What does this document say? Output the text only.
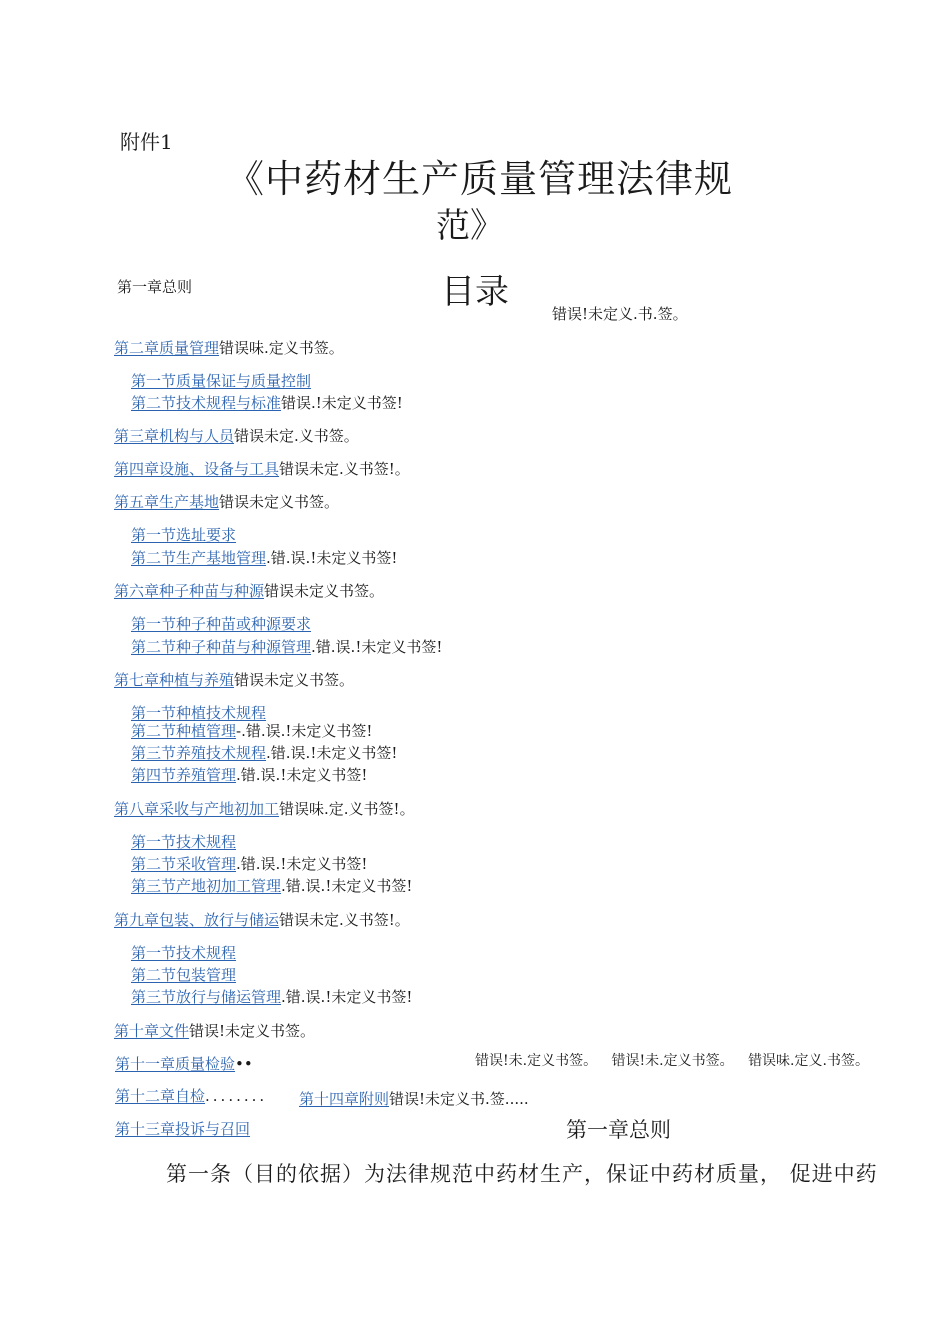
附件1
《中药材生产质量管理法律规
范》
目录
第一章总则
错误!未定义.书.签。
第二章质量管理错误味.定义书签。
第一节质量保证与质量控制
第二节技术规程与标准错误.!未定义书签!
第三章机构与人员错误未定.义书签。
第四章设施、设备与工具错误未定.义书签!。
第五章生产基地错误未定义书签。
第一节选址要求
第二节生产基地管理.错.误.!未定义书签!
第六章种子种苗与种源错误未定义书签。
第一节种子种苗或种源要求
第二节种子种苗与种源管理.错.误.!未定义书签!
第七章种植与养殖错误未定义书签。
第一节种植技术规程
第二节种植管理-.错.误.!未定义书签!
第三节养殖技术规程.错.误.!未定义书签!
第四节养殖管理.错.误.!未定义书签!
第八章采收与产地初加工错误味.定.义书签!。
第一节技术规程
第二节采收管理.错.误.!未定义书签!
第三节产地初加工管理.错.误.!未定义书签!
第九章包装、放行与储运错误未定.义书签!。
第一节技术规程
第二节包装管理
第三节放行与储运管理.错.误.!未定义书签!
第十章文件错误!未定义书签。
第十一章质量检验••	错误!未.定义书签。 错误!未.定义书签。 错误味.定义.书签。
第十二章自检........ 第十四章附则错误!未定义书.签.....
第十三章投诉与召回	第一章总则
第一条（目的依据）为法律规范中药材生产，保证中药材质量， 促进中药
